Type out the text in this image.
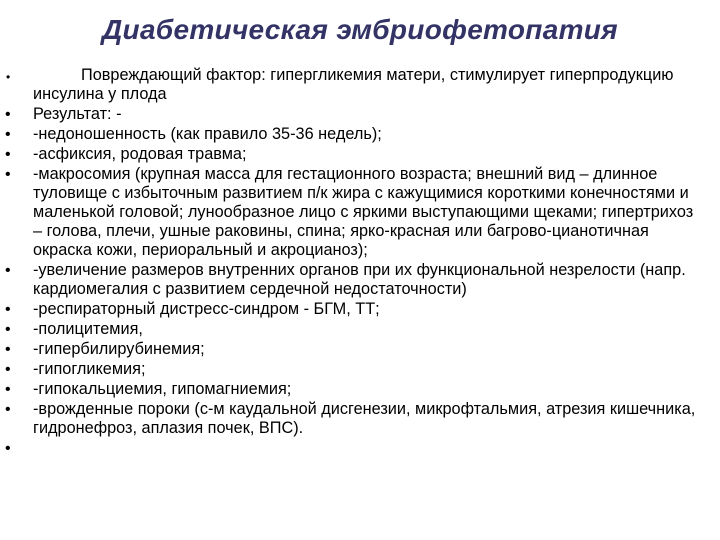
Диабетическая эмбриофетопатия
•	Повреждающий фактор: гипергликемия матери, стимулирует гиперпродукцию инсулина у плода
• Результат: -
• -недоношенность (как правило 35-36 недель);
• -асфиксия, родовая травма;
• -макросомия (крупная масса для гестационного возраста; внешний вид – длинное туловище с избыточным развитием п/к жира с кажущимися короткими конечностями и маленькой головой; лунообразное лицо с яркими выступающими щеками; гипертрихоз – голова, плечи, ушные раковины, спина; ярко-красная или багрово-цианотичная окраска кожи, периоральный и акроцианоз);
• -увеличение размеров внутренних органов при их функциональной незрелости (напр. кардиомегалия с развитием сердечной недостаточности)
• -респираторный дистресс-синдром - БГМ, ТТ;
• -полицитемия,
• -гипербилирубинемия;
• -гипогликемия;
• -гипокальциемия, гипомагниемия;
• -врожденные пороки (с-м каудальной дисгенезии, микрофтальмия, атрезия кишечника, гидронефроз, аплазия почек, ВПС).
•
